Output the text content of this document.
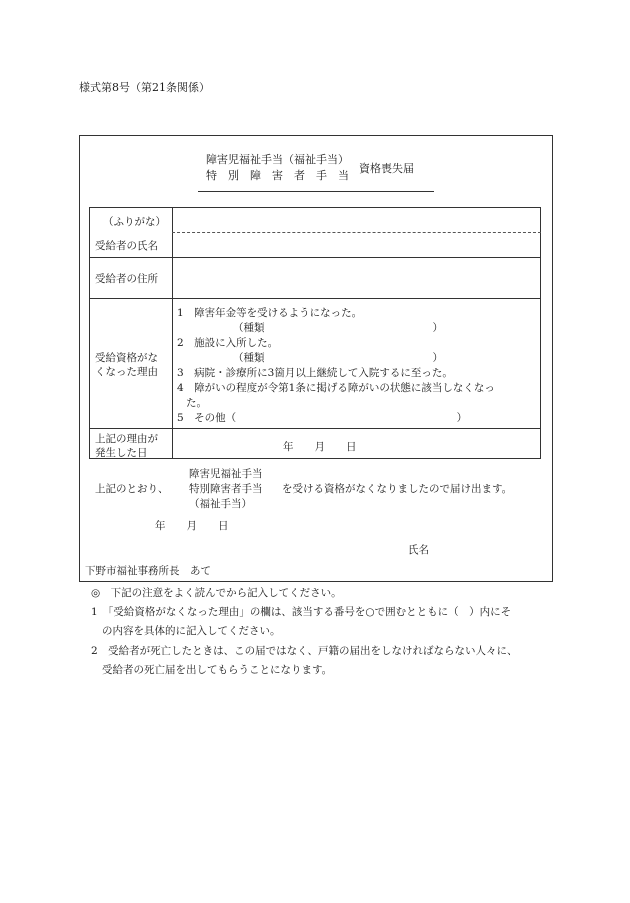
様式第8号（第21条関係）
障害児福祉手当（福祉手当）
特　別　障　害　者　手　当
資格喪失届
（ふりがな）
受給者の氏名
受給者の住所
受給資格がな
くなった理由
1　障害年金等を受けるようになった。
（種類　　　　　　　　　　　　　　　　）
2　施設に入所した。
（種類　　　　　　　　　　　　　　　　）
3　病院・診療所に3箇月以上継続して入院するに至った。
4　障がいの程度が令第1条に掲げる障がいの状態に該当しなくなっ
た。
5　その他（　　　　　　　　　　　　　　　　　　　　　）
上記の理由が
発生した日	年　　月　　日
上記のとおり、
障害児福祉手当
特別障害者手当
（福祉手当）
を受ける資格がなくなりましたので届け出ます。
年　　月　　日
氏名
下野市福祉事務所長　あて
◎　下記の注意をよく読んでから記入してください。
1　「受給資格がなくなった理由」の欄は、該当する番号を○で囲むとともに（　）内にそ
の内容を具体的に記入してください。
2　受給者が死亡したときは、この届ではなく、戸籍の届出をしなければならない人々に、
受給者の死亡届を出してもらうことになります。
